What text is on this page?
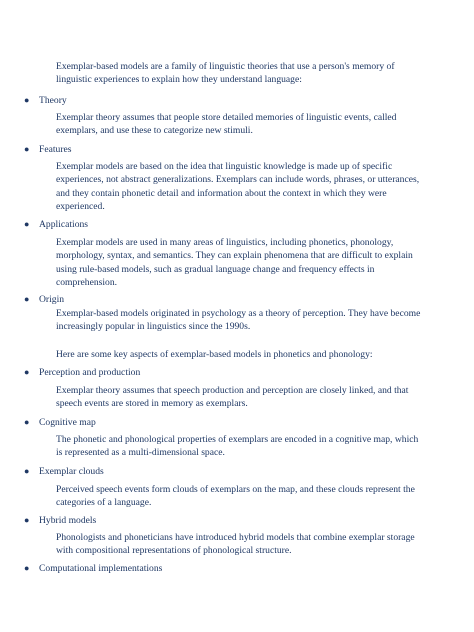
Exemplar-based models are a family of linguistic theories that use a person's memory of linguistic experiences to explain how they understand language:

● Theory

Exemplar theory assumes that people store detailed memories of linguistic events, called exemplars, and use these to categorize new stimuli.

● Features

Exemplar models are based on the idea that linguistic knowledge is made up of specific experiences, not abstract generalizations. Exemplars can include words, phrases, or utterances, and they contain phonetic detail and information about the context in which they were experienced.

● Applications

Exemplar models are used in many areas of linguistics, including phonetics, phonology, morphology, syntax, and semantics. They can explain phenomena that are difficult to explain using rule-based models, such as gradual language change and frequency effects in comprehension.

● Origin

Exemplar-based models originated in psychology as a theory of perception. They have become increasingly popular in linguistics since the 1990s.

Here are some key aspects of exemplar-based models in phonetics and phonology:

● Perception and production

Exemplar theory assumes that speech production and perception are closely linked, and that speech events are stored in memory as exemplars.

● Cognitive map

The phonetic and phonological properties of exemplars are encoded in a cognitive map, which is represented as a multi-dimensional space.

● Exemplar clouds

Perceived speech events form clouds of exemplars on the map, and these clouds represent the categories of a language.

● Hybrid models

Phonologists and phoneticians have introduced hybrid models that combine exemplar storage with compositional representations of phonological structure.

● Computational implementations
